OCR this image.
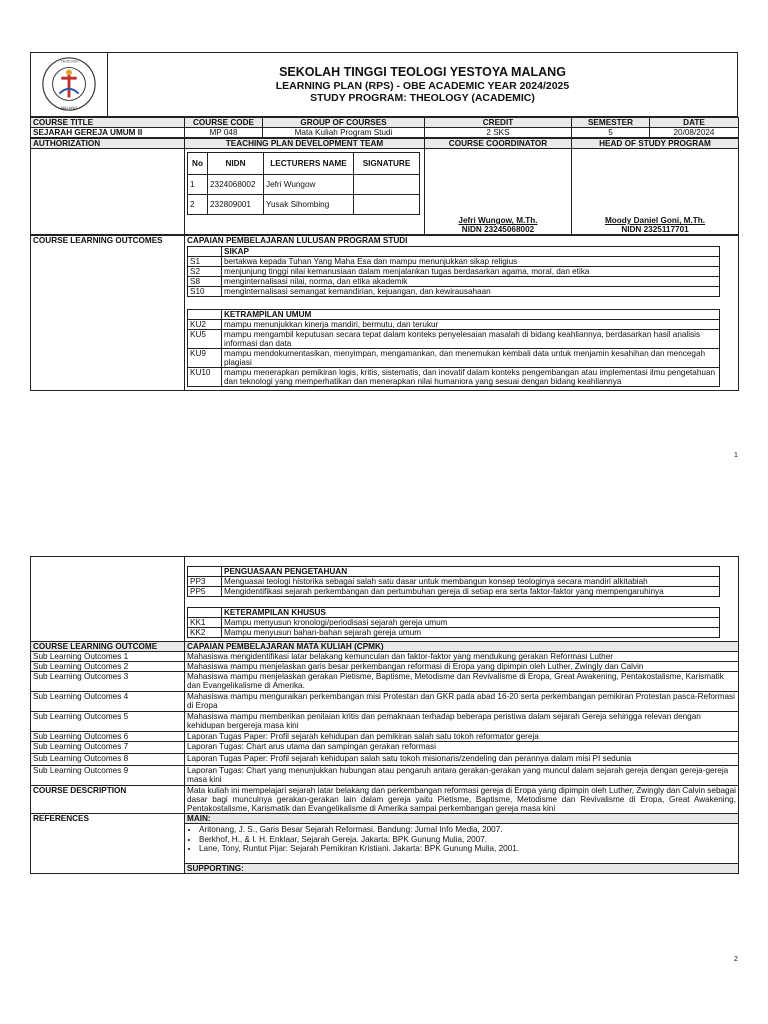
TEOLOGI
MALANG

SEKOLAH TINGGI TEOLOGI YESTOYA MALANG
LEARNING PLAN (RPS) - OBE ACADEMIC YEAR 2024/2025
STUDY PROGRAM: THEOLOGY (ACADEMIC)
COURSE TITLE	COURSE CODE	GROUP OF COURSES	CREDIT	SEMESTER	DATE
SEJARAH GEREJA UMUM II	MP 048	Mata Kuliah Program Studi	2 SKS	5	20/08/2024
AUTHORIZATION	TEACHING PLAN DEVELOPMENT TEAM	COURSE COORDINATOR	HEAD OF STUDY PROGRAM

No	NIDN	LECTURERS NAME	SIGNATURE
1	2324068002	Jefri Wungow	
2	232809001	Yusak Sihombing	

Jefri Wungow, M.Th.
NIDN 23245068002

Moody Daniel Goni, M.Th.
NIDN 2325117701
COURSE LEARNING OUTCOMES	CAPAIAN PEMBELAJARAN LULUSAN PROGRAM STUDI
	SIKAP
S1	bertakwa kepada Tuhan Yang Maha Esa dan mampu menunjukkan sikap religius
S2	menjunjung tinggi nilai kemanusiaan dalam menjalankan tugas berdasarkan agama, moral, dan etika
S8	menginternalisasi nilai, norma, dan etika akademik
S10	menginternalisasi semangat kemandirian, kejuangan, dan kewirausahaan
	KETRAMPILAN UMUM
KU2	mampu menunjukkan kinerja mandiri, bermutu, dan terukur
KU5	mampu mengambil keputusan secara tepat dalam konteks penyelesaian masalah di bidang keahliannya, berdasarkan hasil analisis informasi dan data
KU9	mampu mendokumentasikan, menyimpan, mengamankan, dan menemukan kembali data untuk menjamin kesahihan dan mencegah plagiasi
KU10	mampu menerapkan pemikiran logis, kritis, sistematis, dan inovatif dalam konteks pengembangan atau implementasi ilmu pengetahuan dan teknologi yang memperhatikan dan menerapkan nilai humaniora yang sesuai dengan bidang keahliannya
1

	PENGUASAAN PENGETAHUAN
PP3	Menguasai teologi historika sebagai salah satu dasar untuk membangun konsep teologinya secara mandiri alkitabiah
PP5	Mengidentifikasi sejarah perkembangan dan pertumbuhan gereja di setiap era serta faktor-faktor yang mempengaruhinya
	KETERAMPILAN KHUSUS
KK1	Mampu menyusun kronologi/periodisasi sejarah gereja umum
KK2	Mampu menyusun bahan-bahan sejarah gereja umum

COURSE LEARNING OUTCOME	CAPAIAN PEMBELAJARAN MATA KULIAH (CPMK)
Sub Learning Outcomes 1	Mahasiswa mengidentifikasi latar belakang kemunculan dan faktor-faktor yang mendukung gerakan Reformasi Luther
Sub Learning Outcomes 2	Mahasiswa mampu menjelaskan garis besar perkembangan reformasi di Eropa yang dipimpin oleh Luther, Zwingly dan Calvin
Sub Learning Outcomes 3	Mahasiswa mampu menjelaskan gerakan Pietisme, Baptisme, Metodisme dan Revivalisme di Eropa, Great Awakening, Pentakostalisme, Karismatik dan Evangelikalisme di Amerika.
Sub Learning Outcomes 4	Mahasiswa mampu menguraikan perkembangan misi Protestan dan GKR pada abad 16-20 serta perkembangan pemikiran Protestan pasca-Reformasi di Eropa
Sub Learning Outcomes 5	Mahasiswa mampu memberikan penilaian kritis dan pemaknaan terhadap beberapa peristiwa dalam sejarah Gereja sehingga relevan dengan kehidupan bergereja masa kini
Sub Learning Outcomes 6	Laporan Tugas Paper: Profil sejarah kehidupan dan pemikiran salah satu tokoh reformator gereja
Sub Learning Outcomes 7	Laporan Tugas: Chart arus utama dan sampingan gerakan reformasi
Sub Learning Outcomes 8	Laporan Tugas Paper: Profil sejarah kehidupan salah satu tokoh misionaris/zendeling dan perannya dalam misi PI sedunia
Sub Learning Outcomes 9	Laporan Tugas: Chart yang menunjukkan hubungan atau pengaruh antara gerakan-gerakan yang muncul dalam sejarah gereja dengan gereja-gereja masa kini
COURSE DESCRIPTION	Mata kuliah ini mempelajari sejarah latar belakang dan perkembangan reformasi gereja di Eropa yang dipimpin oleh Luther, Zwingly dan Calvin sebagai dasar bagi munculnya gerakan-gerakan lain dalam gereja yaitu Pietisme, Baptisme, Metodisme dan Revivalisme di Eropa, Great Awakening, Pentakostalisme, Karismatik dan Evangelikalisme di Amerika sampai perkembangan gereja masa kini
REFERENCES	MAIN:
• Aritonang, J. S., Garis Besar Sejarah Reformasi. Bandung: Jurnal Info Media, 2007.
• Berkhof, H., & I. H. Enklaar, Sejarah Gereja. Jakarta: BPK Gunung Mulia, 2007.
• Lane, Tony, Runtut Pijar: Sejarah Pemikiran Kristiani. Jakarta: BPK Gunung Mulia, 2001.
SUPPORTING:
2
